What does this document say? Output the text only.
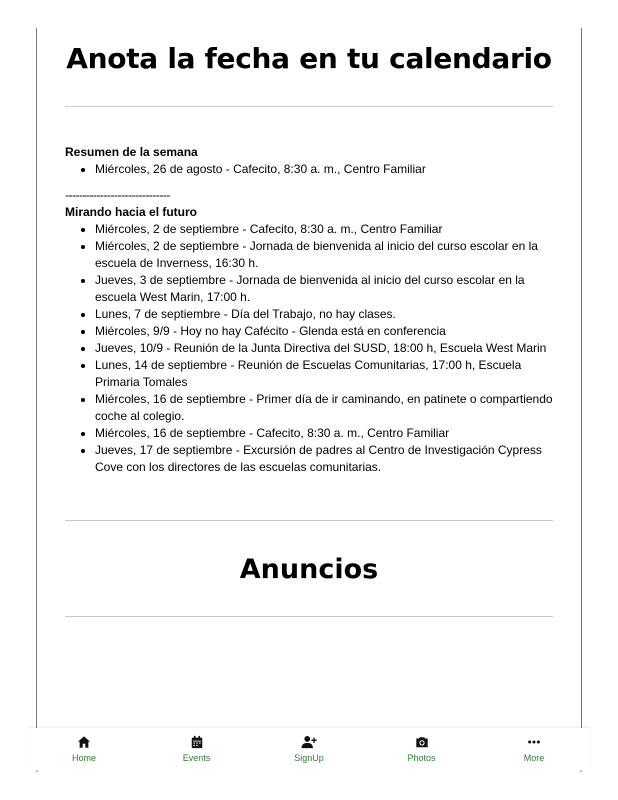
Anota la fecha en tu calendario

Resumen de la semana

• Miércoles, 26 de agosto - Cafecito, 8:30 a. m., Centro Familiar

------------------------------

Mirando hacia el futuro

• Miércoles, 2 de septiembre - Cafecito, 8:30 a. m., Centro Familiar
• Miércoles, 2 de septiembre - Jornada de bienvenida al inicio del curso escolar en la escuela de Inverness, 16:30 h.
• Jueves, 3 de septiembre - Jornada de bienvenida al inicio del curso escolar en la escuela West Marin, 17:00 h.
• Lunes, 7 de septiembre - Día del Trabajo, no hay clases.
• Miércoles, 9/9 - Hoy no hay Cafécito - Glenda está en conferencia
• Jueves, 10/9 - Reunión de la Junta Directiva del SUSD, 18:00 h, Escuela West Marin
• Lunes, 14 de septiembre - Reunión de Escuelas Comunitarias, 17:00 h, Escuela Primaria Tomales
• Miércoles, 16 de septiembre - Primer día de ir caminando, en patinete o compartiendo coche al colegio.
• Miércoles, 16 de septiembre - Cafecito, 8:30 a. m., Centro Familiar
• Jueves, 17 de septiembre - Excursión de padres al Centro de Investigación Cypress Cove con los directores de las escuelas comunitarias.
Anuncios
Home	Events	SignUp	Photos	More
